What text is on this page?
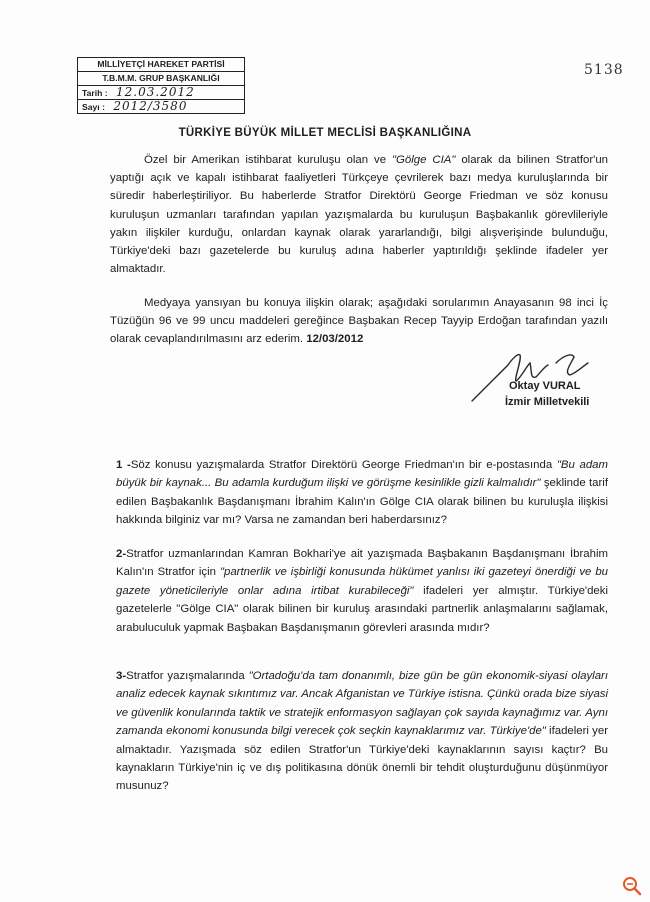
MİLLİYETÇİ HAREKET PARTİSİ
T.B.M.M. GRUP BAŞKANLIĞI
Tarih : 12.03.2012
Sayı : 2012/3580
5138
TÜRKİYE BÜYÜK MİLLET MECLİSİ BAŞKANLIĞINA
Özel bir Amerikan istihbarat kuruluşu olan ve "Gölge CIA" olarak da bilinen Stratfor'un yaptığı açık ve kapalı istihbarat faaliyetleri Türkçeye çevrilerek bazı medya kuruluşlarında bir süredir haberleştiriliyor. Bu haberlerde Stratfor Direktörü George Friedman ve söz konusu kuruluşun uzmanları tarafından yapılan yazışmalarda bu kuruluşun Başbakanlık görevlileriyle yakın ilişkiler kurduğu, onlardan kaynak olarak yararlandığı, bilgi alışverişinde bulunduğu, Türkiye'deki bazı gazetelerde bu kuruluş adına haberler yaptırıldığı şeklinde ifadeler yer almaktadır.
Medyaya yansıyan bu konuya ilişkin olarak; aşağıdaki sorularımın Anayasanın 98 inci İç Tüzüğün 96 ve 99 uncu maddeleri gereğince Başbakan Recep Tayyip Erdoğan tarafından yazılı olarak cevaplandırılmasını arz ederim. 12/03/2012
Oktay VURAL
İzmir Milletvekili
1 -Söz konusu yazışmalarda Stratfor Direktörü George Friedman'ın bir e-postasında "Bu adam büyük bir kaynak... Bu adamla kurduğum ilişki ve görüşme kesinlikle gizli kalmalıdır" şeklinde tarif edilen Başbakanlık Başdanışmanı İbrahim Kalın'ın Gölge CIA olarak bilinen bu kuruluşla ilişkisi hakkında bilginiz var mı? Varsa ne zamandan beri haberdarsınız?
2-Stratfor uzmanlarından Kamran Bokhari'ye ait yazışmada Başbakanın Başdanışmanı İbrahim Kalın'ın Stratfor için "partnerlik ve işbirliği konusunda hükümet yanlısı iki gazeteyi önerdiği ve bu gazete yöneticileriyle onlar adına irtibat kurabileceği" ifadeleri yer almıştır. Türkiye'deki gazetelerle "Gölge CIA" olarak bilinen bir kuruluş arasındaki partnerlik anlaşmalarını sağlamak, arabuluculuk yapmak Başbakan Başdanışmanın görevleri arasında mıdır?
3-Stratfor yazışmalarında "Ortadoğu'da tam donanımlı, bize gün be gün ekonomik-siyasi olayları analiz edecek kaynak sıkıntımız var. Ancak Afganistan ve Türkiye istisna. Çünkü orada bize siyasi ve güvenlik konularında taktik ve stratejik enformasyon sağlayan çok sayıda kaynağımız var. Aynı zamanda ekonomi konusunda bilgi verecek çok seçkin kaynaklarımız var. Türkiye'de" ifadeleri yer almaktadır. Yazışmada söz edilen Stratfor'un Türkiye'deki kaynaklarının sayısı kaçtır? Bu kaynakların Türkiye'nin iç ve dış politikasına dönük önemli bir tehdit oluşturduğunu düşünmüyor musunuz?
